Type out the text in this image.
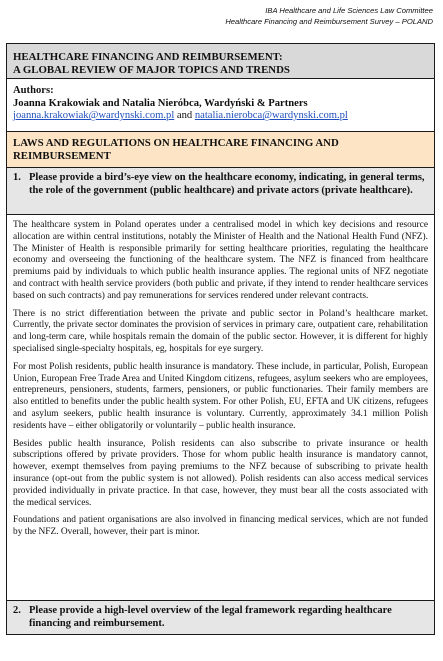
IBA Healthcare and Life Sciences Law Committee
Healthcare Financing and Reimbursement Survey – POLAND
HEALTHCARE FINANCING AND REIMBURSEMENT:
A GLOBAL REVIEW OF MAJOR TOPICS AND TRENDS
Authors:
Joanna Krakowiak and Natalia Nieróbca, Wardyński & Partners
joanna.krakowiak@wardynski.com.pl and natalia.nierobca@wardynski.com.pl
LAWS AND REGULATIONS ON HEALTHCARE FINANCING AND REIMBURSEMENT
1. Please provide a bird’s-eye view on the healthcare economy, indicating, in general terms, the role of the government (public healthcare) and private actors (private healthcare).

The healthcare system in Poland operates under a centralised model in which key decisions and resource allocation are within central institutions, notably the Minister of Health and the National Health Fund (NFZ). The Minister of Health is responsible primarily for setting healthcare priorities, regulating the healthcare economy and overseeing the functioning of the healthcare system. The NFZ is financed from healthcare premiums paid by individuals to which public health insurance applies. The regional units of NFZ negotiate and contract with health service providers (both public and private, if they intend to render healthcare services based on such contracts) and pay remunerations for services rendered under relevant contracts.

There is no strict differentiation between the private and public sector in Poland’s healthcare market. Currently, the private sector dominates the provision of services in primary care, outpatient care, rehabilitation and long-term care, while hospitals remain the domain of the public sector. However, it is different for highly specialised single-specialty hospitals, eg, hospitals for eye surgery.

For most Polish residents, public health insurance is mandatory. These include, in particular, Polish, European Union, European Free Trade Area and United Kingdom citizens, refugees, asylum seekers who are employees, entrepreneurs, pensioners, students, farmers, pensioners, or public functionaries. Their family members are also entitled to benefits under the public health system. For other Polish, EU, EFTA and UK citizens, refugees and asylum seekers, public health insurance is voluntary. Currently, approximately 34.1 million Polish residents have – either obligatorily or voluntarily – public health insurance.

Besides public health insurance, Polish residents can also subscribe to private insurance or health subscriptions offered by private providers. Those for whom public health insurance is mandatory cannot, however, exempt themselves from paying premiums to the NFZ because of subscribing to private health insurance (opt-out from the public system is not allowed). Polish residents can also access medical services provided individually in private practice. In that case, however, they must bear all the costs associated with the medical services.

Foundations and patient organisations are also involved in financing medical services, which are not funded by the NFZ. Overall, however, their part is minor.

2. Please provide a high-level overview of the legal framework regarding healthcare financing and reimbursement.
